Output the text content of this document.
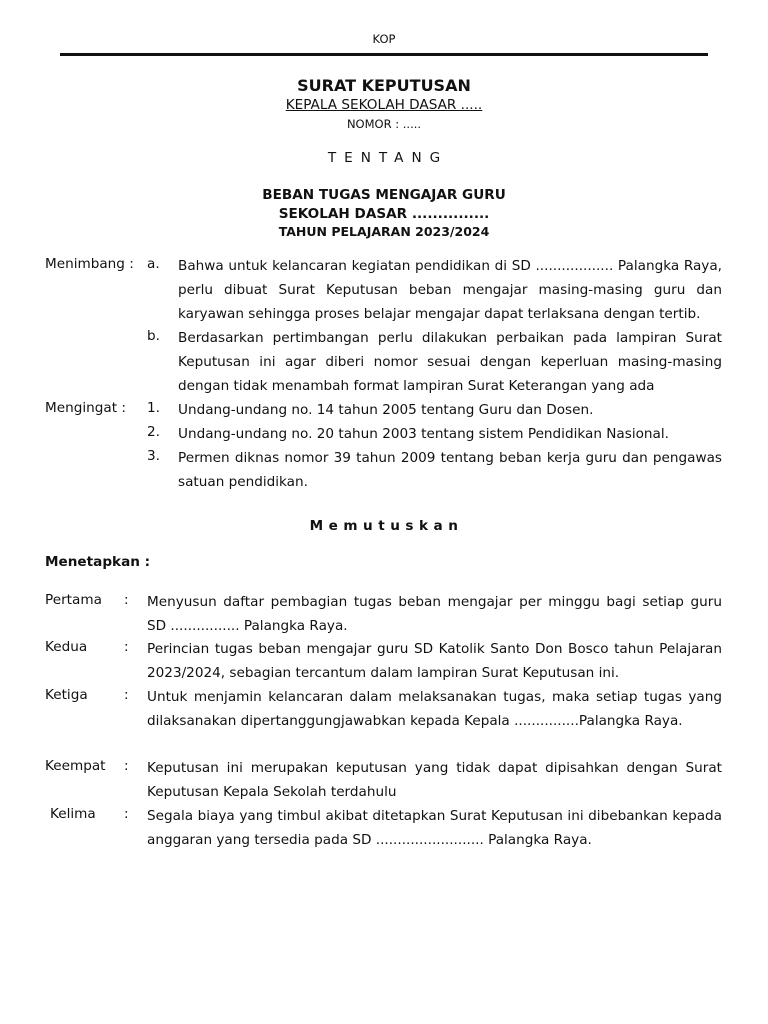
KOP
SURAT KEPUTUSAN
KEPALA SEKOLAH DASAR .....
NOMOR : .....
TENTANG
BEBAN TUGAS MENGAJAR GURU
SEKOLAH DASAR ...............
TAHUN PELAJARAN 2023/2024
Menimbang : a. Bahwa untuk kelancaran kegiatan pendidikan di SD .................. Palangka Raya, perlu dibuat Surat Keputusan beban mengajar masing-masing guru dan karyawan sehingga proses belajar mengajar dapat terlaksana dengan tertib.
b. Berdasarkan pertimbangan perlu dilakukan perbaikan pada lampiran Surat Keputusan ini agar diberi nomor sesuai dengan keperluan masing-masing dengan tidak menambah format lampiran Surat Keterangan yang ada
Mengingat : 1. Undang-undang no. 14 tahun 2005 tentang Guru dan Dosen.
2. Undang-undang no. 20 tahun 2003 tentang sistem Pendidikan Nasional.
3. Permen diknas nomor 39 tahun 2009 tentang beban kerja guru dan pengawas satuan pendidikan.
Memutuskan
Menetapkan :
Pertama : Menyusun daftar pembagian tugas beban mengajar per minggu bagi setiap guru SD ................ Palangka Raya.
Kedua	: Perincian tugas beban mengajar guru SD Katolik Santo Don Bosco tahun Pelajaran 2023/2024, sebagian tercantum dalam lampiran Surat Keputusan ini.
Ketiga	: Untuk menjamin kelancaran dalam melaksanakan tugas, maka setiap tugas yang dilaksanakan dipertanggungjawabkan kepada Kepala ...............Palangka Raya.
Keempat : Keputusan ini merupakan keputusan yang tidak dapat dipisahkan dengan Surat Keputusan Kepala Sekolah terdahulu
Kelima : Segala biaya yang timbul akibat ditetapkan Surat Keputusan ini dibebankan kepada anggaran yang tersedia pada SD ......................... Palangka Raya.
